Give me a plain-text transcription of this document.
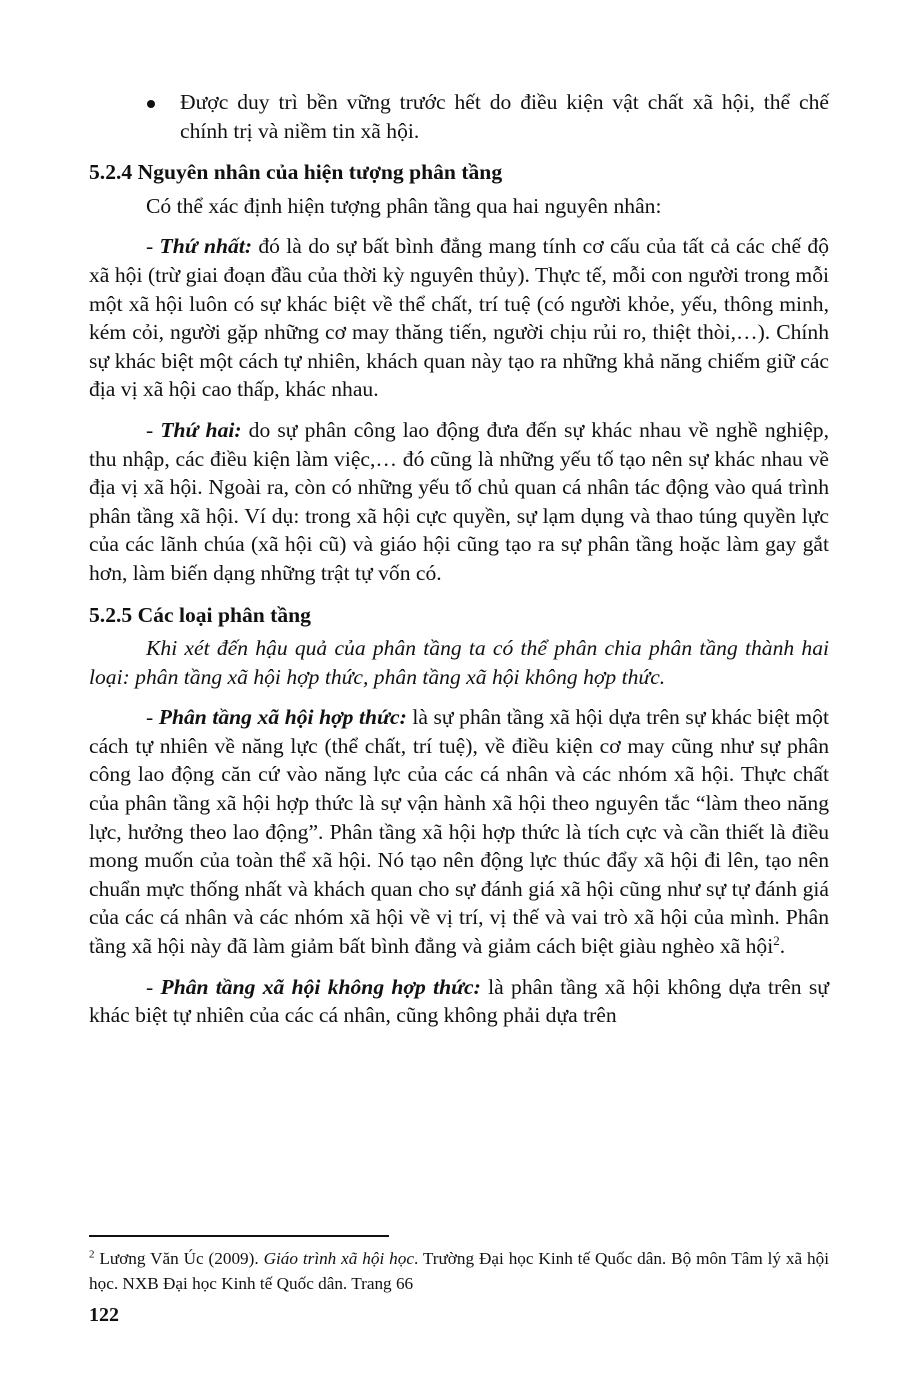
Được duy trì bền vững trước hết do điều kiện vật chất xã hội, thể chế chính trị và niềm tin xã hội.

5.2.4 Nguyên nhân của hiện tượng phân tầng

Có thể xác định hiện tượng phân tầng qua hai nguyên nhân:

- Thứ nhất: đó là do sự bất bình đẳng mang tính cơ cấu của tất cả các chế độ xã hội (trừ giai đoạn đầu của thời kỳ nguyên thủy). Thực tế, mỗi con người trong mỗi một xã hội luôn có sự khác biệt về thể chất, trí tuệ (có người khỏe, yếu, thông minh, kém cỏi, người gặp những cơ may thăng tiến, người chịu rủi ro, thiệt thòi,…). Chính sự khác biệt một cách tự nhiên, khách quan này tạo ra những khả năng chiếm giữ các địa vị xã hội cao thấp, khác nhau.

- Thứ hai: do sự phân công lao động đưa đến sự khác nhau về nghề nghiệp, thu nhập, các điều kiện làm việc,… đó cũng là những yếu tố tạo nên sự khác nhau về địa vị xã hội. Ngoài ra, còn có những yếu tố chủ quan cá nhân tác động vào quá trình phân tầng xã hội. Ví dụ: trong xã hội cực quyền, sự lạm dụng và thao túng quyền lực của các lãnh chúa (xã hội cũ) và giáo hội cũng tạo ra sự phân tầng hoặc làm gay gắt hơn, làm biến dạng những trật tự vốn có.

5.2.5 Các loại phân tầng

Khi xét đến hậu quả của phân tầng ta có thể phân chia phân tầng thành hai loại: phân tầng xã hội hợp thức, phân tầng xã hội không hợp thức.

- Phân tầng xã hội hợp thức: là sự phân tầng xã hội dựa trên sự khác biệt một cách tự nhiên về năng lực (thể chất, trí tuệ), về điều kiện cơ may cũng như sự phân công lao động căn cứ vào năng lực của các cá nhân và các nhóm xã hội. Thực chất của phân tầng xã hội hợp thức là sự vận hành xã hội theo nguyên tắc “làm theo năng lực, hưởng theo lao động”. Phân tầng xã hội hợp thức là tích cực và cần thiết là điều mong muốn của toàn thể xã hội. Nó tạo nên động lực thúc đẩy xã hội đi lên, tạo nên chuẩn mực thống nhất và khách quan cho sự đánh giá xã hội cũng như sự tự đánh giá của các cá nhân và các nhóm xã hội về vị trí, vị thế và vai trò xã hội của mình. Phân tầng xã hội này đã làm giảm bất bình đẳng và giảm cách biệt giàu nghèo xã hội$^2$.

- Phân tầng xã hội không hợp thức: là phân tầng xã hội không dựa trên sự khác biệt tự nhiên của các cá nhân, cũng không phải dựa trên

$^2$ Lương Văn Úc (2009). Giáo trình xã hội học. Trường Đại học Kinh tế Quốc dân. Bộ môn Tâm lý xã hội học. NXB Đại học Kinh tế Quốc dân. Trang 66

122
